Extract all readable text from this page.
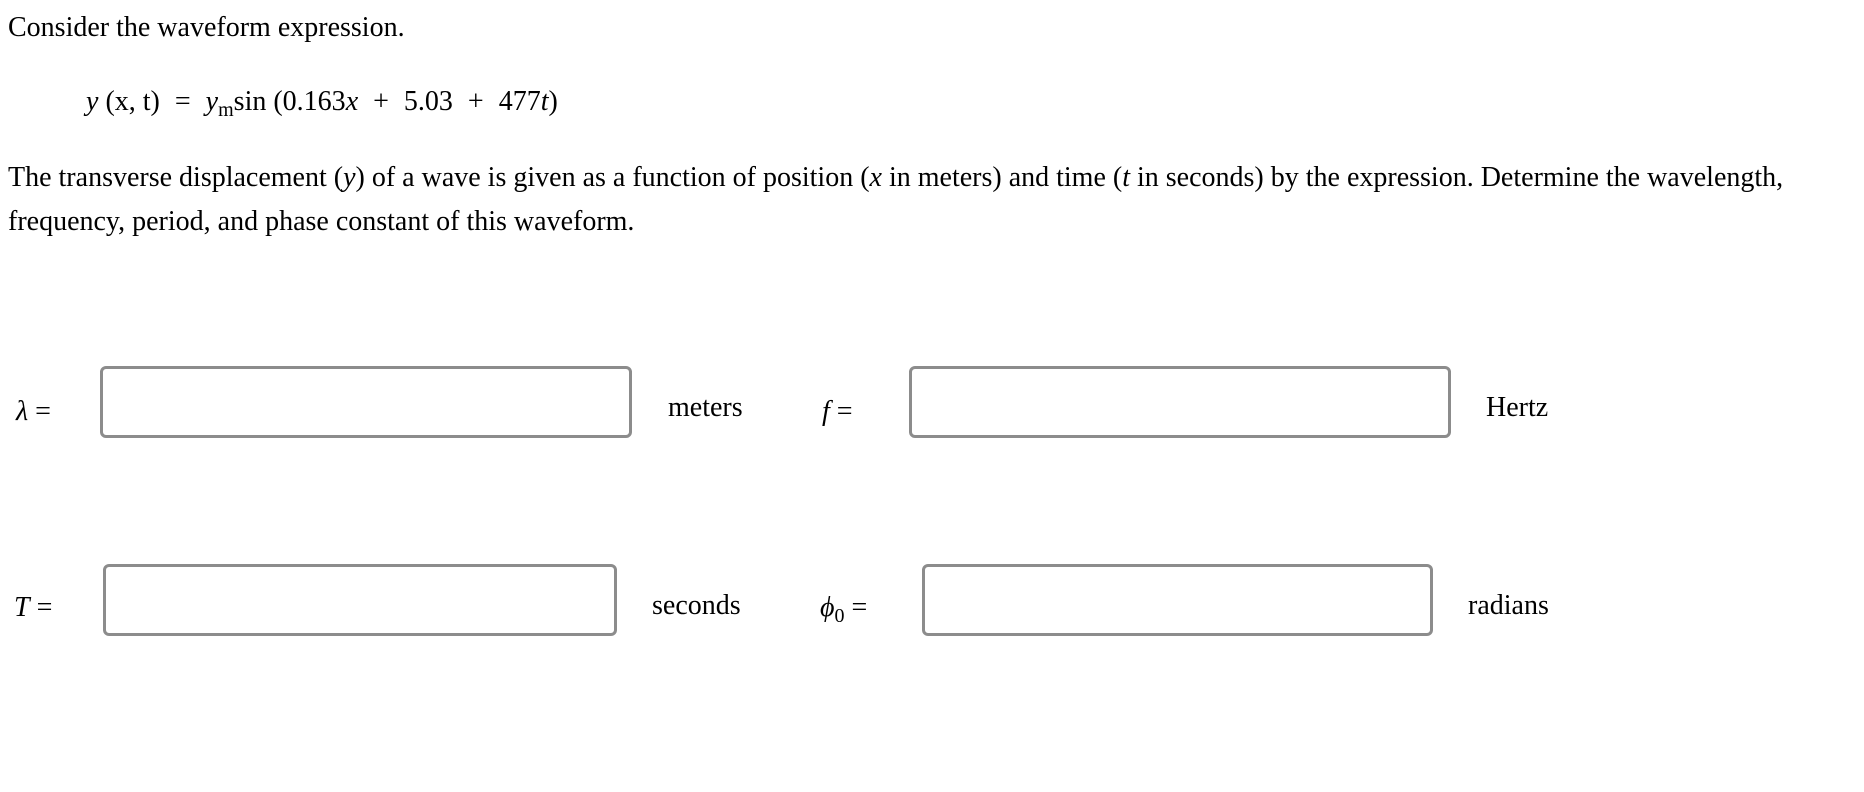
Consider the waveform expression.
y (x, $t) = y_m\sin$ (0.163x + 5.03 + 477t)
The transverse displacement (y) of a wave is given as a function of position (x in meters) and time (t in seconds) by the expression. Determine the wavelength, frequency, period, and phase constant of this waveform.
λ =	meters	f =	Hertz
T =	seconds	$\phi_0$ =	radians
